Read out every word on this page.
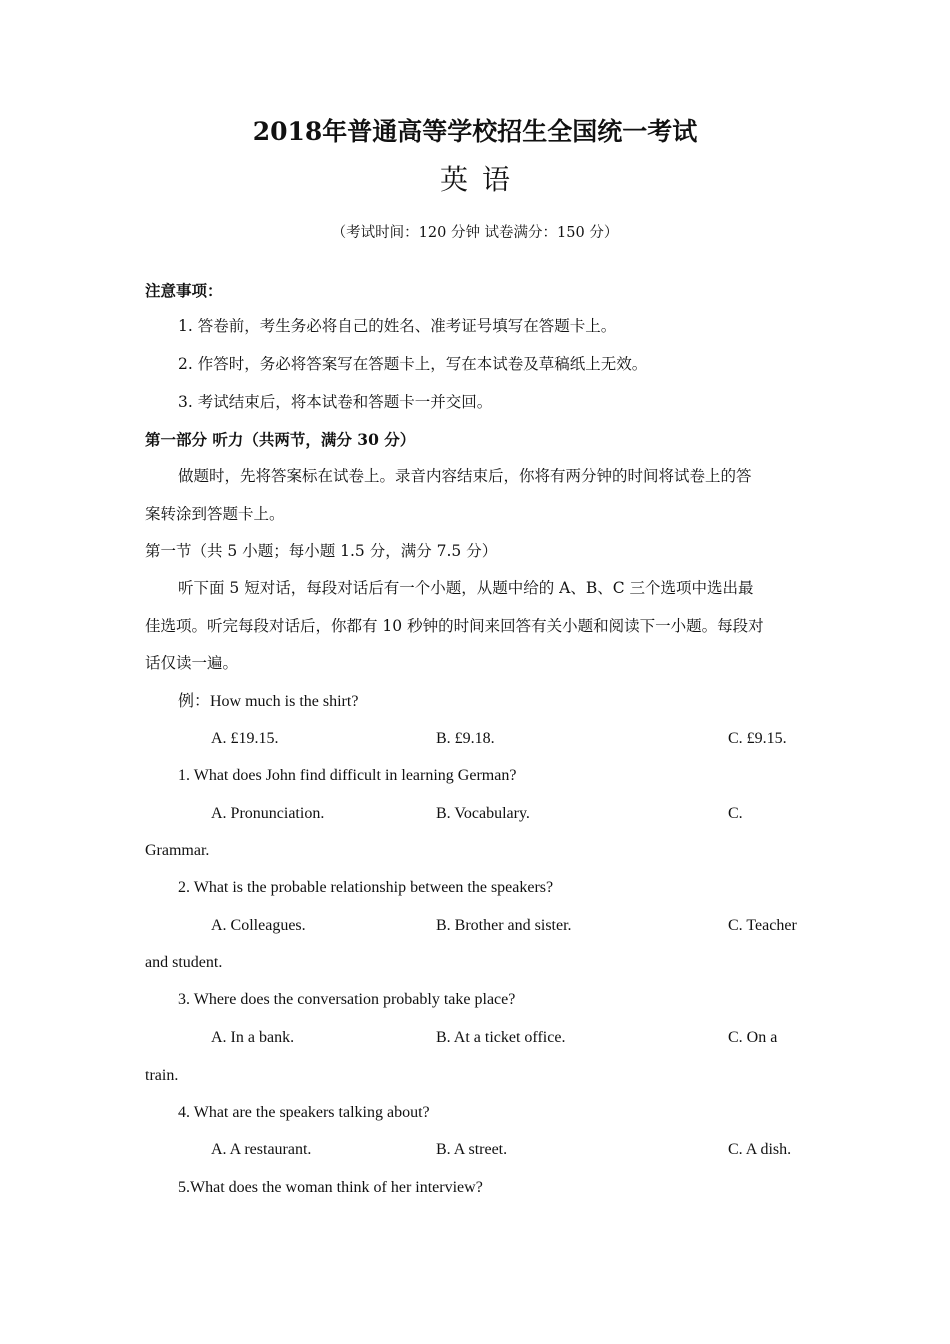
2018年普通高等学校招生全国统一考试
英语
（考试时间：120 分钟 试卷满分：150 分）
注意事项：
1. 答卷前，考生务必将自己的姓名、准考证号填写在答题卡上。
2. 作答时，务必将答案写在答题卡上，写在本试卷及草稿纸上无效。
3. 考试结束后，将本试卷和答题卡一并交回。
第一部分 听力（共两节，满分 30 分）
做题时，先将答案标在试卷上。录音内容结束后，你将有两分钟的时间将试卷上的答
案转涂到答题卡上。
第一节（共 5 小题；每小题 1.5 分，满分 7.5 分）
听下面 5 短对话，每段对话后有一个小题，从题中给的 A、B、C 三个选项中选出最
佳选项。听完每段对话后，你都有 10 秒钟的时间来回答有关小题和阅读下一小题。每段对
话仅读一遍。
例：How much is the shirt?
A. £19.15.	B. £9.18.	C. £9.15.
1. What does John find difficult in learning German?
A. Pronunciation.	B. Vocabulary.	C.
Grammar.
2. What is the probable relationship between the speakers?
A. Colleagues.	B. Brother and sister.	C. Teacher
and student.
3. Where does the conversation probably take place?
A. In a bank.	B. At a ticket office.	C. On a
train.
4. What are the speakers talking about?
A. A restaurant.	B. A street.	C. A dish.
5.What does the woman think of her interview?
